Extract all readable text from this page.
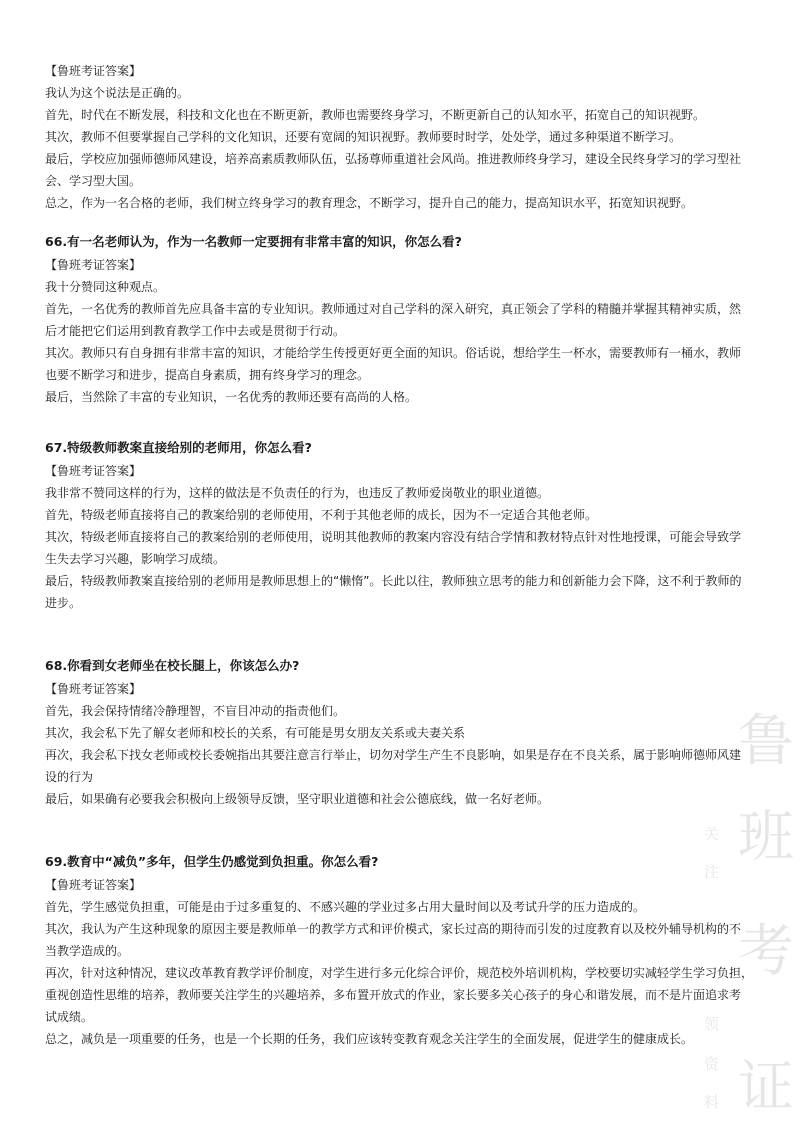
【鲁班考证答案】

我认为这个说法是正确的。

首先，时代在不断发展，科技和文化也在不断更新，教师也需要终身学习，不断更新自己的认知水平，拓宽自己的知识视野。

其次，教师不但要掌握自己学科的文化知识，还要有宽阔的知识视野。教师要时时学，处处学，通过多种渠道不断学习。

最后，学校应加强师德师风建设，培养高素质教师队伍，弘扬尊师重道社会风尚。推进教师终身学习，建设全民终身学习的学习型社

会、学习型大国。

总之，作为一名合格的老师，我们树立终身学习的教育理念，不断学习，提升自己的能力，提高知识水平，拓宽知识视野。

66.有一名老师认为，作为一名教师一定要拥有非常丰富的知识，你怎么看?

【鲁班考证答案】

我十分赞同这种观点。

首先，一名优秀的教师首先应具备丰富的专业知识。教师通过对自己学科的深入研究，真正领会了学科的精髓并掌握其精神实质，然

后才能把它们运用到教育教学工作中去或是贯彻于行动。

其次。教师只有自身拥有非常丰富的知识，才能给学生传授更好更全面的知识。俗话说，想给学生一杯水，需要教师有一桶水，教师

也要不断学习和进步，提高自身素质，拥有终身学习的理念。

最后，当然除了丰富的专业知识，一名优秀的教师还要有高尚的人格。

67.特级教师教案直接给别的老师用，你怎么看?

【鲁班考证答案】

我非常不赞同这样的行为，这样的做法是不负责任的行为，也违反了教师爱岗敬业的职业道德。

首先，特级老师直接将自己的教案给别的老师使用，不利于其他老师的成长，因为不一定适合其他老师。

其次，特级老师直接将自己的教案给别的老师使用，说明其他教师的教案内容没有结合学情和教材特点针对性地授课，可能会导致学

生失去学习兴趣，影响学习成绩。

最后，特级教师教案直接给别的老师用是教师思想上的“懒惰”。长此以往，教师独立思考的能力和创新能力会下降，这不利于教师的

进步。

68.你看到女老师坐在校长腿上，你该怎么办?

【鲁班考证答案】

首先，我会保持情绪冷静理智，不盲目冲动的指责他们。

其次，我会私下先了解女老师和校长的关系，有可能是男女朋友关系或夫妻关系

再次，我会私下找女老师或校长委婉指出其要注意言行举止，切勿对学生产生不良影响，如果是存在不良关系，属于影响师德师风建

设的行为

最后，如果确有必要我会积极向上级领导反馈，坚守职业道德和社会公德底线，做一名好老师。

69.教育中“减负”多年，但学生仍感觉到负担重。你怎么看?

【鲁班考证答案】

首先，学生感觉负担重，可能是由于过多重复的、不感兴趣的学业过多占用大量时间以及考试升学的压力造成的。

其次，我认为产生这种现象的原因主要是教师单一的教学方式和评价模式，家长过高的期待而引发的过度教育以及校外辅导机构的不

当教学造成的。

再次，针对这种情况，建议改革教育教学评价制度，对学生进行多元化综合评价，规范校外培训机构，学校要切实减轻学生学习负担，

重视创造性思维的培养，教师要关注学生的兴趣培养，多布置开放式的作业，家长要多关心孩子的身心和谐发展，而不是片面追求考

试成绩。

总之，减负是一项重要的任务，也是一个长期的任务，我们应该转变教育观念关注学生的全面发展，促进学生的健康成长。

鲁
班
考
证
关
注
领
资
料
